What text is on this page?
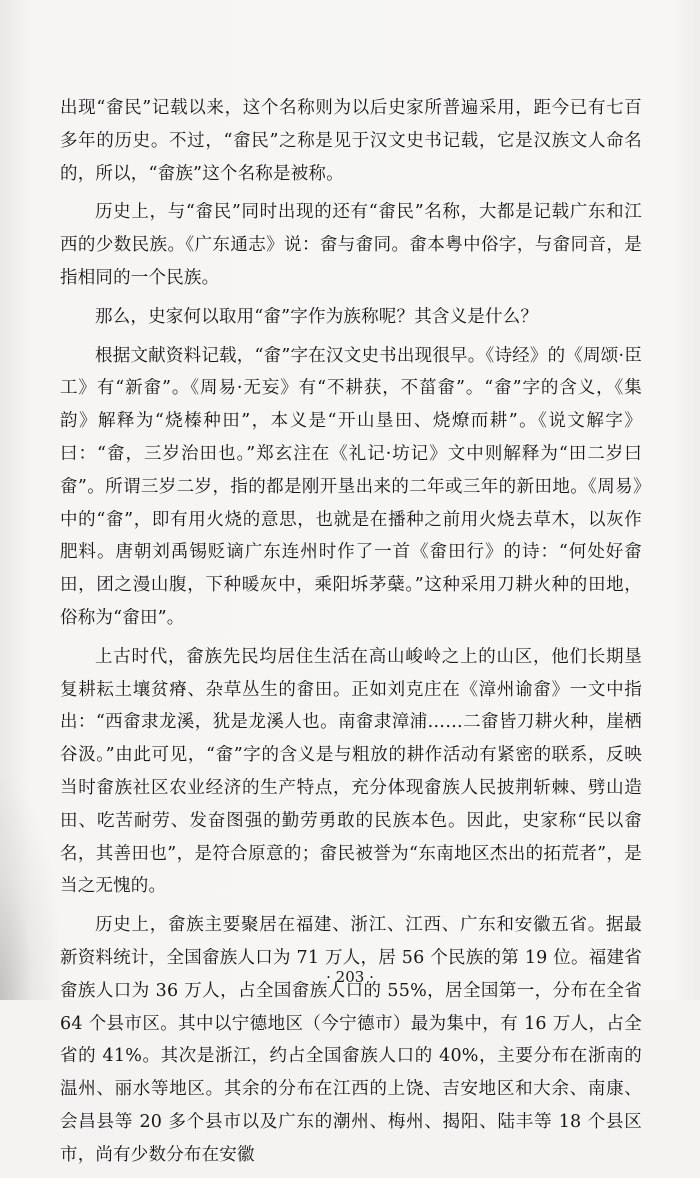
出现“畲民”记载以来，这个名称则为以后史家所普遍采用，距今已有七百多年的历史。不过，“畲民”之称是见于汉文史书记载，它是汉族文人命名的，所以，“畲族”这个名称是被称。

历史上，与“畲民”同时出现的还有“畬民”名称，大都是记载广东和江西的少数民族。《广东通志》说：畲与畬同。畬本粤中俗字，与畲同音，是指相同的一个民族。

那么，史家何以取用“畲”字作为族称呢？其含义是什么？

根据文献资料记载，“畲”字在汉文史书出现很早。《诗经》的《周颂·臣工》有“新畲”。《周易·无妄》有“不耕获，不菑畲”。“畲”字的含义，《集韵》解释为“烧榛种田”，本义是“开山垦田、烧燎而耕”。《说文解字》曰：“畲，三岁治田也。”郑玄注在《礼记·坊记》文中则解释为“田二岁曰畲”。所谓三岁二岁，指的都是刚开垦出来的二年或三年的新田地。《周易》中的“畲”，即有用火烧的意思，也就是在播种之前用火烧去草木，以灰作肥料。唐朝刘禹锡贬谪广东连州时作了一首《畲田行》的诗：“何处好畲田，团之漫山腹，下种暖灰中，乘阳坼茅蘖。”这种采用刀耕火种的田地，俗称为“畲田”。

上古时代，畲族先民均居住生活在高山峻岭之上的山区，他们长期垦复耕耘土壤贫瘠、杂草丛生的畲田。正如刘克庄在《漳州谕畲》一文中指出：“西畲隶龙溪，犹是龙溪人也。南畲隶漳浦……二畲皆刀耕火种，崖栖谷汲。”由此可见，“畲”字的含义是与粗放的耕作活动有紧密的联系，反映当时畲族社区农业经济的生产特点，充分体现畲族人民披荆斩棘、劈山造田、吃苦耐劳、发奋图强的勤劳勇敢的民族本色。因此，史家称“民以畲名，其善田也”，是符合原意的；畲民被誉为“东南地区杰出的拓荒者”，是当之无愧的。

历史上，畲族主要聚居在福建、浙江、江西、广东和安徽五省。据最新资料统计，全国畲族人口为 71 万人，居 56 个民族的第 19 位。福建省畲族人口为 36 万人，占全国畲族人口的 55%，居全国第一，分布在全省 64 个县市区。其中以宁德地区（今宁德市）最为集中，有 16 万人，占全省的 41%。其次是浙江，约占全国畲族人口的 40%，主要分布在浙南的温州、丽水等地区。其余的分布在江西的上饶、吉安地区和大余、南康、会昌县等 20 多个县市以及广东的潮州、梅州、揭阳、陆丰等 18 个县区市，尚有少数分布在安徽

· 203 ·
